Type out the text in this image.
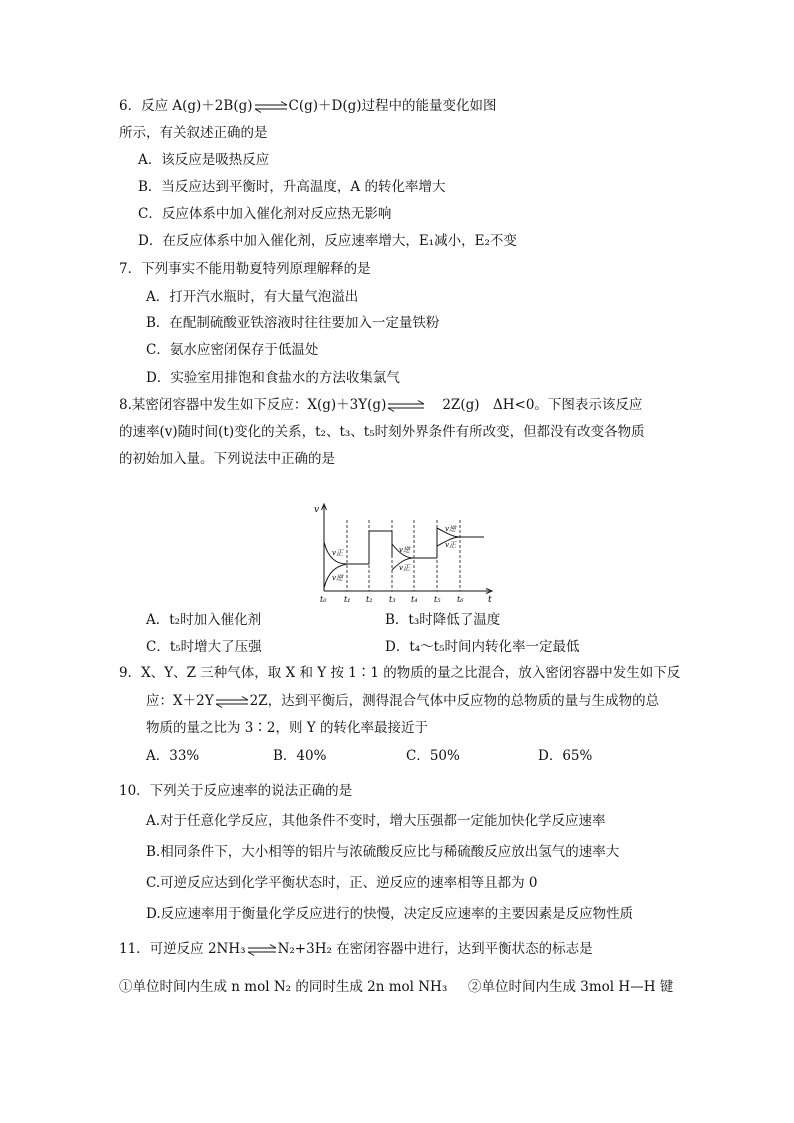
6．反应 A(g)＋2B(g)⇌C(g)＋D(g)过程中的能量变化如图
所示，有关叙述正确的是
A．该反应是吸热反应
B．当反应达到平衡时，升高温度，A 的转化率增大
C．反应体系中加入催化剂对反应热无影响
D．在反应体系中加入催化剂，反应速率增大，E₁减小，E₂不变
7．下列事实不能用勒夏特列原理解释的是
A．打开汽水瓶时，有大量气泡溢出
B．在配制硫酸亚铁溶液时往往要加入一定量铁粉
C．氨水应密闭保存于低温处
D．实验室用排饱和食盐水的方法收集氯气
8.某密闭容器中发生如下反应：X(g)＋3Y(g)⇌ 2Z(g)　ΔH<0。下图表示该反应
的速率(v)随时间(t)变化的关系，t₂、t₃、t₅时刻外界条件有所改变，但都没有改变各物质
的初始加入量。下列说法中正确的是
v
t
v正
v逆
v逆
v正
v逆
v正
t₀ t₁ t₂ t₃ t₄ t₅ t₆
A．t₂时加入催化剂	B．t₃时降低了温度
C．t₅时增大了压强	D．t₄～t₅时间内转化率一定最低
9．X、Y、Z 三种气体，取 X 和 Y 按 1∶1 的物质的量之比混合，放入密闭容器中发生如下反
应：X＋2Y⇌2Z，达到平衡后，测得混合气体中反应物的总物质的量与生成物的总
物质的量之比为 3∶2，则 Y 的转化率最接近于
A．33%	B．40%	C．50%	D．65%
10．下列关于反应速率的说法正确的是
A.对于任意化学反应，其他条件不变时，增大压强都一定能加快化学反应速率
B.相同条件下，大小相等的铝片与浓硫酸反应比与稀硫酸反应放出氢气的速率大
C.可逆反应达到化学平衡状态时，正、逆反应的速率相等且都为 0
D.反应速率用于衡量化学反应进行的快慢，决定反应速率的主要因素是反应物性质
11．可逆反应 2NH₃⇌N₂+3H₂ 在密闭容器中进行，达到平衡状态的标志是
①单位时间内生成 n mol N₂ 的同时生成 2n mol NH₃ ②单位时间内生成 3mol H—H 键
